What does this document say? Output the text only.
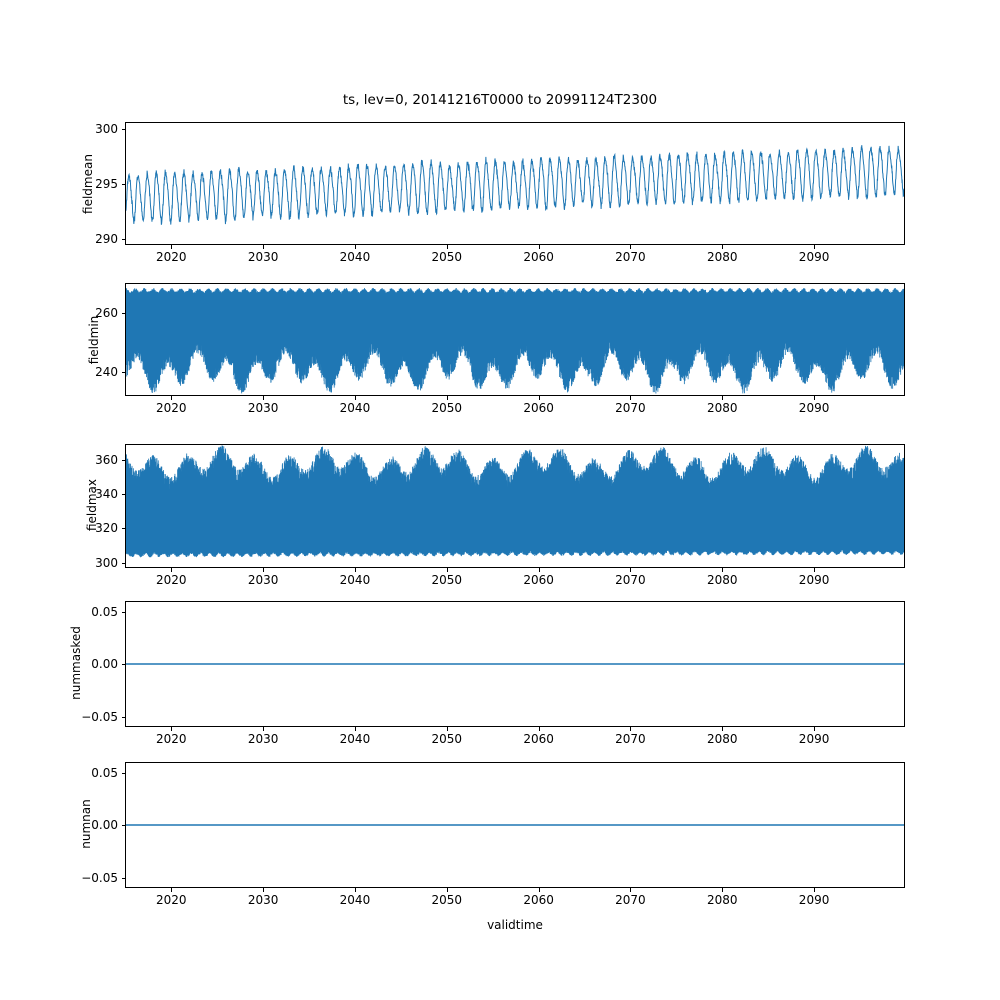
ts, lev=0, 20141216T0000 to 20991124T2300
fieldmean
fieldmin
fieldmax
nummasked
numnan
validtime
2020	2030	2040	2050	2060	2070	2080	2090
290
295
300
2020	2030	2040	2050	2060	2070	2080	2090
240
260
2020	2030	2040	2050	2060	2070	2080	2090
300
320
340
360
2020	2030	2040	2050	2060	2070	2080	2090
−0.05
0.00
0.05
2020	2030	2040	2050	2060	2070	2080	2090
−0.05
0.00
0.05
